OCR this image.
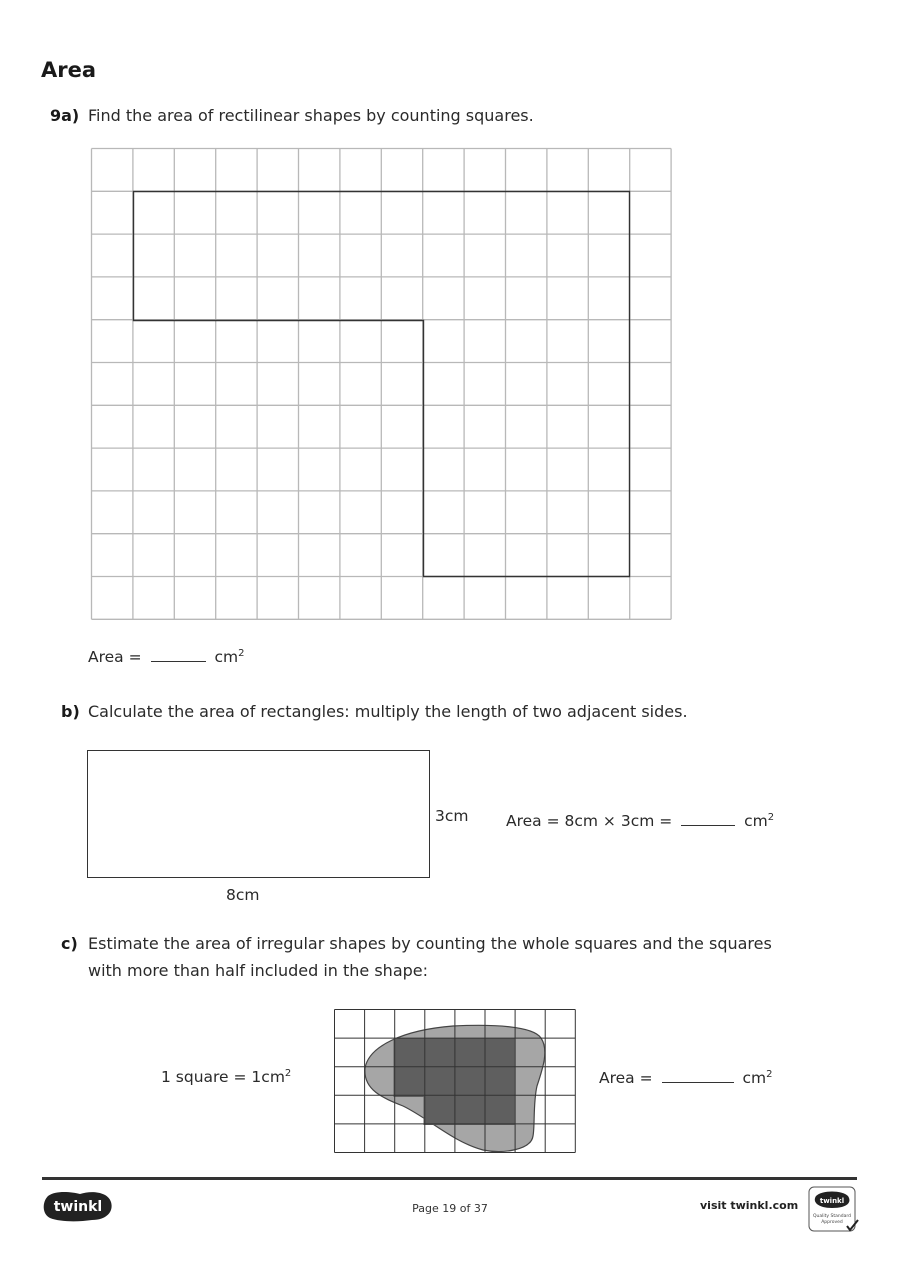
Area
9a) Find the area of rectilinear shapes by counting squares.
Area =	$cm^2$
b) Calculate the area of rectangles: multiply the length of two adjacent sides.
3cm
8cm
Area = 8cm × 3cm =	$cm^2$
c) Estimate the area of irregular shapes by counting the whole squares and the squares
with more than half included in the shape:
1 square = $1cm^2$	Area =	$cm^2$
twinkl	Page 19 of 37	visit twinkl.com	twinkl
Quality Standard
Approved
